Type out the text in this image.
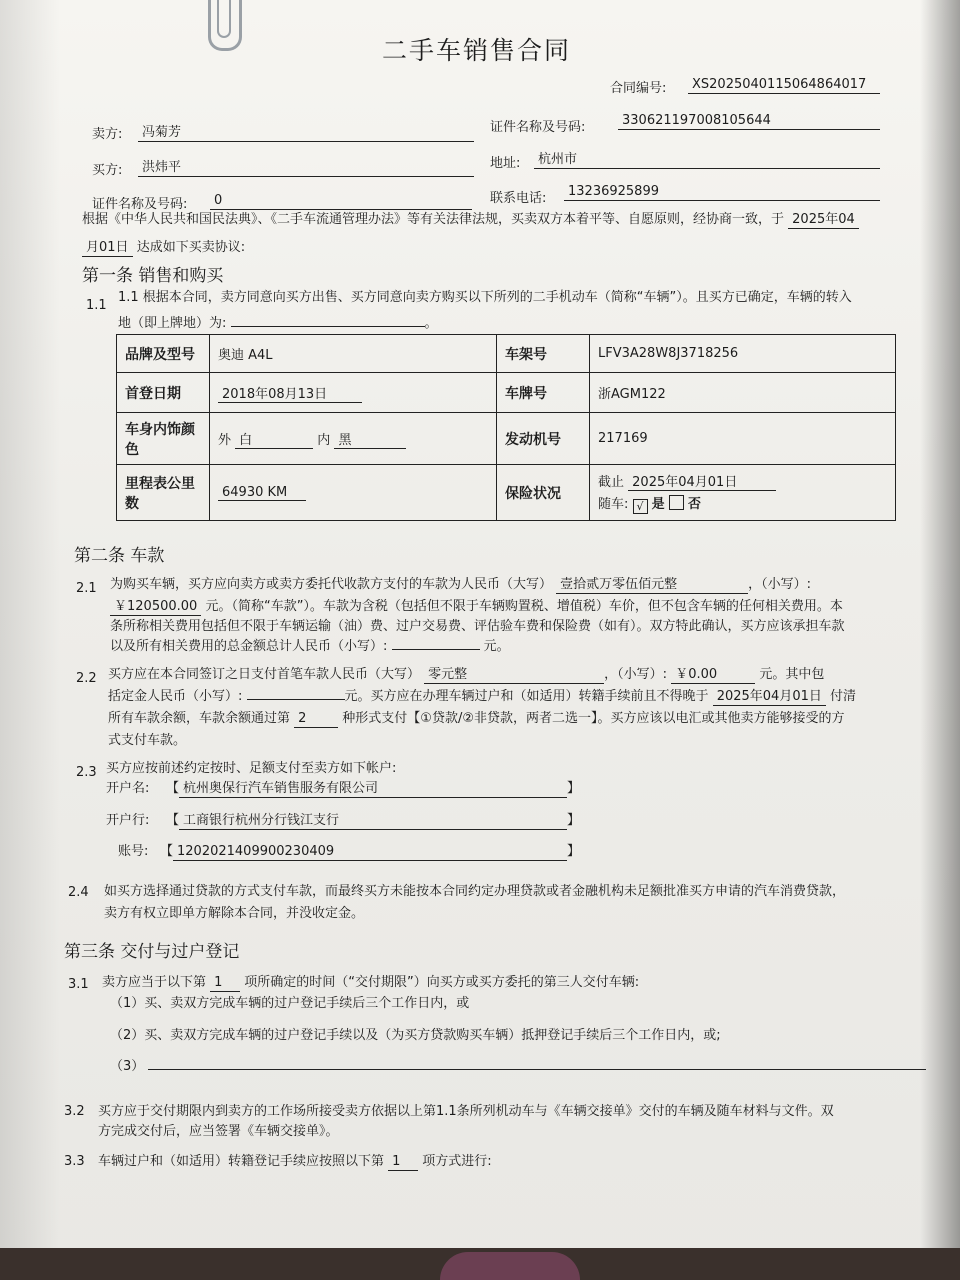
二手车销售合同
合同编号:	XS2025040115064864017
卖方:	冯菊芳	证件名称及号码:	330621197008105644
买方:	洪炜平	地址:	杭州市
证件名称及号码:	0	联系电话:	13236925899
根据《中华人民共和国民法典》、《二手车流通管理办法》等有关法律法规，买卖双方本着平等、自愿原则，经协商一致，于 2025年04
月01日 达成如下买卖协议:
第一条 销售和购买
1.1
1.1 根据本合同，卖方同意向买方出售、买方同意向卖方购买以下所列的二手机动车（简称“车辆”）。且买方已确定，车辆的转入
地（即上牌地）为:	。
品牌及型号	奥迪 A4L	车架号	LFV3A28W8J3718256
首登日期	2018年08月13日	车牌号	浙AGM122
车身内饰颜色	外 白 内 黑	发动机号	217169
里程表公里数	64930 KM	保险状况	截止 2025年04月01日
随车: √ 是 否
第二条 车款
2.1 为购买车辆，买方应向卖方或卖方委托代收款方支付的车款为人民币（大写） 壹拾贰万零伍佰元整	，（小写）:
￥120500.00 元。（简称“车款”）。车款为含税（包括但不限于车辆购置税、增值税）车价，但不包含车辆的任何相关费用。本
条所称相关费用包括但不限于车辆运输（油）费、过户交易费、评估验车费和保险费（如有）。双方特此确认，买方应该承担车款
以及所有相关费用的总金额总计人民币（小写）:	元。
2.2 买方应在本合同签订之日支付首笔车款人民币（大写） 零元整	，（小写）: ￥0.00	元。其中包
括定金人民币（小写）:	元。买方应在办理车辆过户和（如适用）转籍手续前且不得晚于 2025年04月01日 付清
所有车款余额，车款余额通过第 2	种形式支付【①贷款/②非贷款，两者二选一】。买方应该以电汇或其他卖方能够接受的方
式支付车款。
2.3 买方应按前述约定按时、足额支付至卖方如下帐户:
开户名: 【 杭州奥保行汽车销售服务有限公司	】
开户行: 【 工商银行杭州分行钱江支行	】
账号: 【 1202021409900230409	】
2.4 如买方选择通过贷款的方式支付车款，而最终买方未能按本合同约定办理贷款或者金融机构未足额批准买方申请的汽车消费贷款，
卖方有权立即单方解除本合同，并没收定金。
第三条 交付与过户登记
3.1 卖方应当于以下第 1 项所确定的时间（“交付期限”）向买方或买方委托的第三人交付车辆:
（1）买、卖双方完成车辆的过户登记手续后三个工作日内，或
（2）买、卖双方完成车辆的过户登记手续以及（为买方贷款购买车辆）抵押登记手续后三个工作日内，或;
（3）
3.2 买方应于交付期限内到卖方的工作场所接受卖方依据以上第1.1条所列机动车与《车辆交接单》交付的车辆及随车材料与文件。双
方完成交付后，应当签署《车辆交接单》。
3.3 车辆过户和（如适用）转籍登记手续应按照以下第 1 项方式进行:
